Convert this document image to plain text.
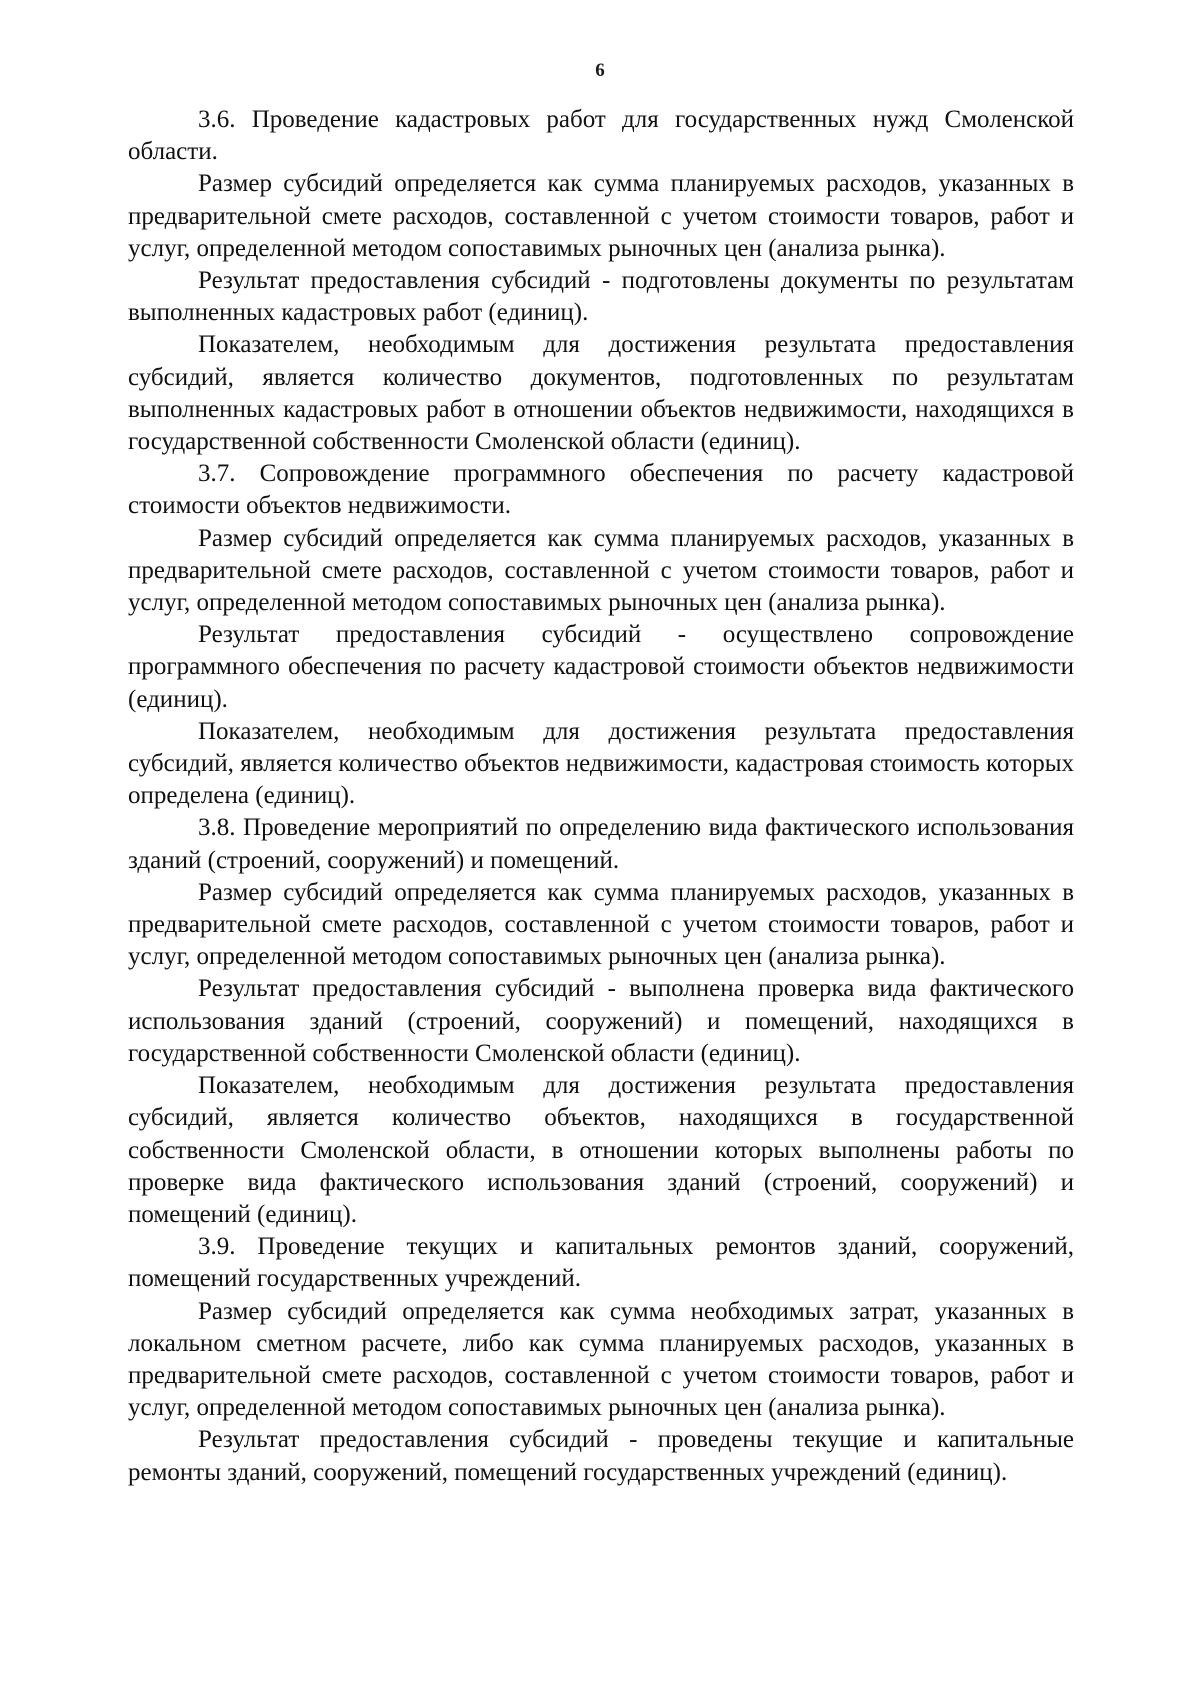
6

3.6. Проведение кадастровых работ для государственных нужд Смоленской области.

Размер субсидий определяется как сумма планируемых расходов, указанных в предварительной смете расходов, составленной с учетом стоимости товаров, работ и услуг, определенной методом сопоставимых рыночных цен (анализа рынка).

Результат предоставления субсидий - подготовлены документы по результатам выполненных кадастровых работ (единиц).

Показателем, необходимым для достижения результата предоставления субсидий, является количество документов, подготовленных по результатам выполненных кадастровых работ в отношении объектов недвижимости, находящихся в государственной собственности Смоленской области (единиц).

3.7. Сопровождение программного обеспечения по расчету кадастровой стоимости объектов недвижимости.

Размер субсидий определяется как сумма планируемых расходов, указанных в предварительной смете расходов, составленной с учетом стоимости товаров, работ и услуг, определенной методом сопоставимых рыночных цен (анализа рынка).

Результат предоставления субсидий - осуществлено сопровождение программного обеспечения по расчету кадастровой стоимости объектов недвижимости (единиц).

Показателем, необходимым для достижения результата предоставления субсидий, является количество объектов недвижимости, кадастровая стоимость которых определена (единиц).

3.8. Проведение мероприятий по определению вида фактического использования зданий (строений, сооружений) и помещений.

Размер субсидий определяется как сумма планируемых расходов, указанных в предварительной смете расходов, составленной с учетом стоимости товаров, работ и услуг, определенной методом сопоставимых рыночных цен (анализа рынка).

Результат предоставления субсидий - выполнена проверка вида фактического использования зданий (строений, сооружений) и помещений, находящихся в государственной собственности Смоленской области (единиц).

Показателем, необходимым для достижения результата предоставления субсидий, является количество объектов, находящихся в государственной собственности Смоленской области, в отношении которых выполнены работы по проверке вида фактического использования зданий (строений, сооружений) и помещений (единиц).

3.9. Проведение текущих и капитальных ремонтов зданий, сооружений, помещений государственных учреждений.

Размер субсидий определяется как сумма необходимых затрат, указанных в локальном сметном расчете, либо как сумма планируемых расходов, указанных в предварительной смете расходов, составленной с учетом стоимости товаров, работ и услуг, определенной методом сопоставимых рыночных цен (анализа рынка).

Результат предоставления субсидий - проведены текущие и капитальные ремонты зданий, сооружений, помещений государственных учреждений (единиц).
